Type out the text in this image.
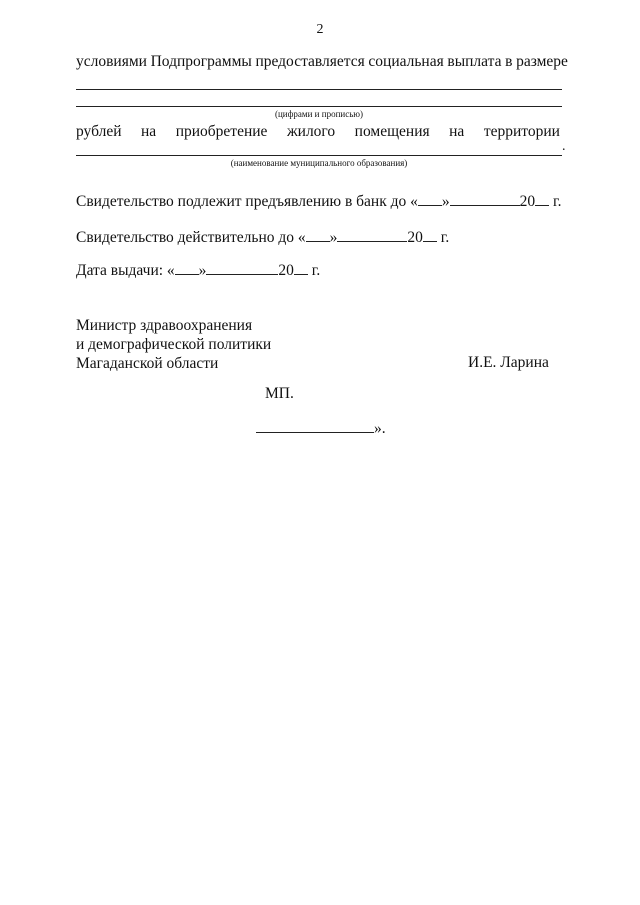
2
условиями Подпрограммы предоставляется социальная выплата в размере
(цифрами и прописью)
рублей на приобретение жилого помещения на территории
.
(наименование муниципального образования)
Свидетельство подлежит предъявлению в банк до « »	20 г.
Свидетельство действительно до « »	20 г.
Дата выдачи: « »	20 г.
Министр здравоохранения
и демографической политики
Магаданской области	И.Е. Ларина
МП.
».
